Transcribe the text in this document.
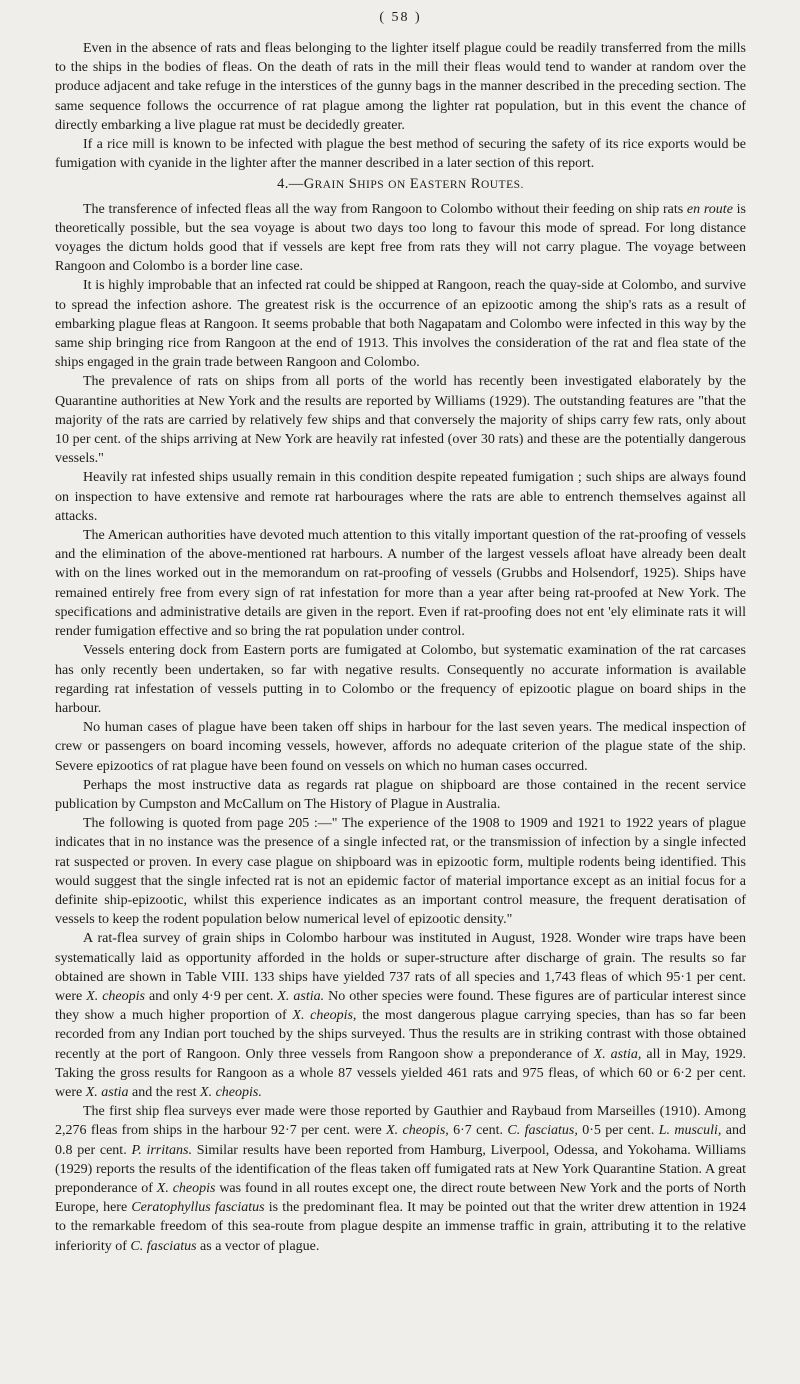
( 58 )

Even in the absence of rats and fleas belonging to the lighter itself plague could be readily transferred from the mills to the ships in the bodies of fleas. On the death of rats in the mill their fleas would tend to wander at random over the produce adjacent and take refuge in the interstices of the gunny bags in the manner described in the preceding section. The same sequence follows the occurrence of rat plague among the lighter rat population, but in this event the chance of directly embarking a live plague rat must be decidedly greater.

If a rice mill is known to be infected with plague the best method of securing the safety of its rice exports would be fumigation with cyanide in the lighter after the manner described in a later section of this report.

4.—GRAIN SHIPS ON EASTERN ROUTES.

The transference of infected fleas all the way from Rangoon to Colombo without their feeding on ship rats en route is theoretically possible, but the sea voyage is about two days too long to favour this mode of spread. For long distance voyages the dictum holds good that if vessels are kept free from rats they will not carry plague. The voyage between Rangoon and Colombo is a border line case.

It is highly improbable that an infected rat could be shipped at Rangoon, reach the quay-side at Colombo, and survive to spread the infection ashore. The greatest risk is the occurrence of an epizootic among the ship's rats as a result of embarking plague fleas at Rangoon. It seems probable that both Nagapatam and Colombo were infected in this way by the same ship bringing rice from Rangoon at the end of 1913. This involves the consideration of the rat and flea state of the ships engaged in the grain trade between Rangoon and Colombo.

The prevalence of rats on ships from all ports of the world has recently been investigated elaborately by the Quarantine authorities at New York and the results are reported by Williams (1929). The outstanding features are "that the majority of the rats are carried by relatively few ships and that conversely the majority of ships carry few rats, only about 10 per cent. of the ships arriving at New York are heavily rat infested (over 30 rats) and these are the potentially dangerous vessels."

Heavily rat infested ships usually remain in this condition despite repeated fumigation ; such ships are always found on inspection to have extensive and remote rat harbourages where the rats are able to entrench themselves against all attacks.

The American authorities have devoted much attention to this vitally important question of the rat-proofing of vessels and the elimination of the above-mentioned rat harbours. A number of the largest vessels afloat have already been dealt with on the lines worked out in the memorandum on rat-proofing of vessels (Grubbs and Holsendorf, 1925). Ships have remained entirely free from every sign of rat infestation for more than a year after being rat-proofed at New York. The specifications and administrative details are given in the report. Even if rat-proofing does not ent 'ely eliminate rats it will render fumigation effective and so bring the rat population under control.

Vessels entering dock from Eastern ports are fumigated at Colombo, but systematic examination of the rat carcases has only recently been undertaken, so far with negative results. Consequently no accurate information is available regarding rat infestation of vessels putting in to Colombo or the frequency of epizootic plague on board ships in the harbour.

No human cases of plague have been taken off ships in harbour for the last seven years. The medical inspection of crew or passengers on board incoming vessels, however, affords no adequate criterion of the plague state of the ship. Severe epizootics of rat plague have been found on vessels on which no human cases occurred.

Perhaps the most instructive data as regards rat plague on shipboard are those contained in the recent service publication by Cumpston and McCallum on The History of Plague in Australia.

The following is quoted from page 205 :—" The experience of the 1908 to 1909 and 1921 to 1922 years of plague indicates that in no instance was the presence of a single infected rat, or the transmission of infection by a single infected rat suspected or proven. In every case plague on shipboard was in epizootic form, multiple rodents being identified. This would suggest that the single infected rat is not an epidemic factor of material importance except as an initial focus for a definite ship-epizootic, whilst this experience indicates as an important control measure, the frequent deratisation of vessels to keep the rodent population below numerical level of epizootic density."

A rat-flea survey of grain ships in Colombo harbour was instituted in August, 1928. Wonder wire traps have been systematically laid as opportunity afforded in the holds or super-structure after discharge of grain. The results so far obtained are shown in Table VIII. 133 ships have yielded 737 rats of all species and 1,743 fleas of which 95·1 per cent. were X. cheopis and only 4·9 per cent. X. astia. No other species were found. These figures are of particular interest since they show a much higher proportion of X. cheopis, the most dangerous plague carrying species, than has so far been recorded from any Indian port touched by the ships surveyed. Thus the results are in striking contrast with those obtained recently at the port of Rangoon. Only three vessels from Rangoon show a preponderance of X. astia, all in May, 1929. Taking the gross results for Rangoon as a whole 87 vessels yielded 461 rats and 975 fleas, of which 60 or 6·2 per cent. were X. astia and the rest X. cheopis.

The first ship flea surveys ever made were those reported by Gauthier and Raybaud from Marseilles (1910). Among 2,276 fleas from ships in the harbour 92·7 per cent. were X. cheopis, 6·7 cent. C. fasciatus, 0·5 per cent. L. musculi, and 0.8 per cent. P. irritans. Similar results have been reported from Hamburg, Liverpool, Odessa, and Yokohama. Williams (1929) reports the results of the identification of the fleas taken off fumigated rats at New York Quarantine Station. A great preponderance of X. cheopis was found in all routes except one, the direct route between New York and the ports of North Europe, here Ceratophyllus fasciatus is the predominant flea. It may be pointed out that the writer drew attention in 1924 to the remarkable freedom of this sea-route from plague despite an immense traffic in grain, attributing it to the relative inferiority of C. fasciatus as a vector of plague.
